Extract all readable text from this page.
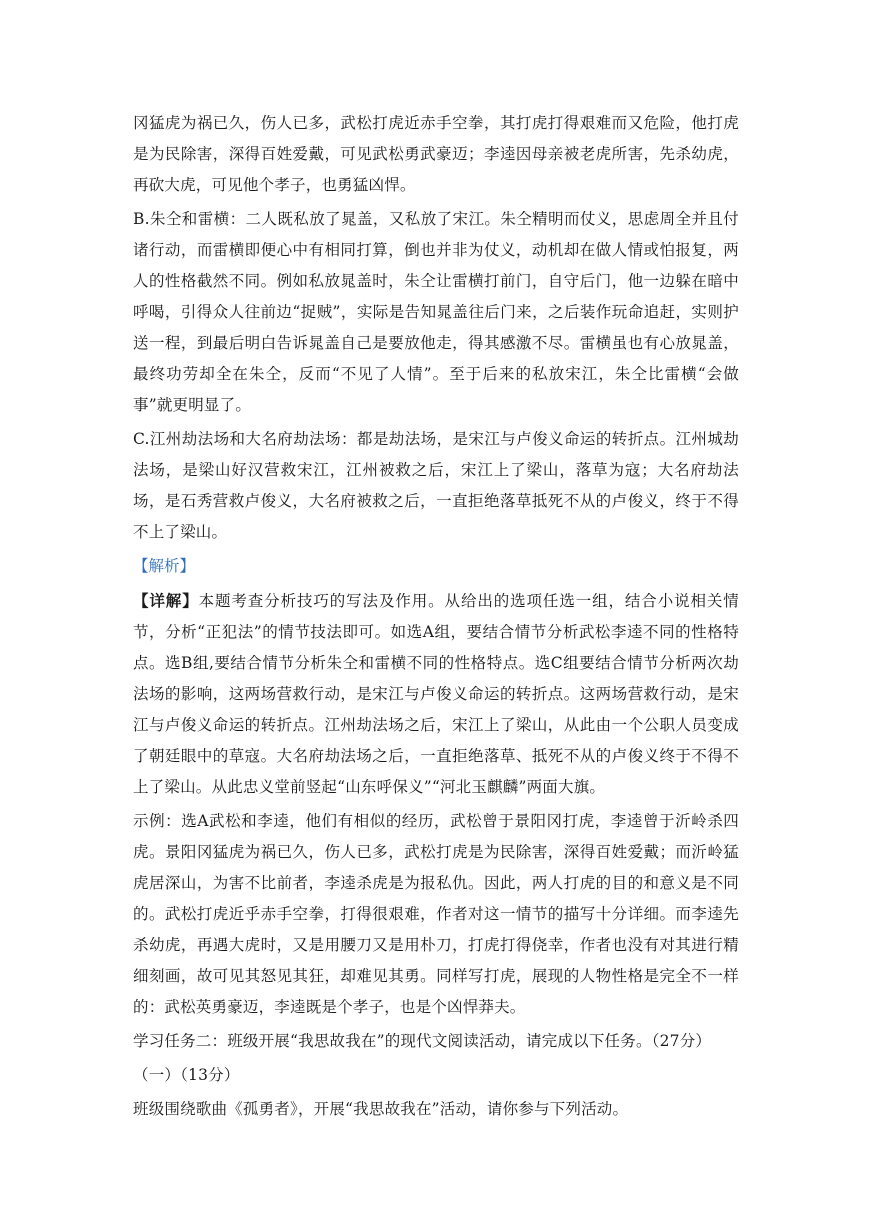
冈猛虎为祸已久，伤人已多，武松打虎近赤手空拳，其打虎打得艰难而又危险，他打虎是为民除害，深得百姓爱戴，可见武松勇武豪迈；李逵因母亲被老虎所害，先杀幼虎，再砍大虎，可见他个孝子，也勇猛凶悍。

B.朱仝和雷横：二人既私放了晁盖，又私放了宋江。朱仝精明而仗义，思虑周全并且付诸行动，而雷横即便心中有相同打算，倒也并非为仗义，动机却在做人情或怕报复，两人的性格截然不同。例如私放晁盖时，朱仝让雷横打前门，自守后门，他一边躲在暗中呼喝，引得众人往前边“捉贼”，实际是告知晁盖往后门来，之后装作玩命追赶，实则护送一程，到最后明白告诉晁盖自己是要放他走，得其感激不尽。雷横虽也有心放晁盖，最终功劳却全在朱仝，反而“不见了人情”。至于后来的私放宋江，朱仝比雷横“会做事”就更明显了。

C.江州劫法场和大名府劫法场：都是劫法场，是宋江与卢俊义命运的转折点。江州城劫法场，是梁山好汉营救宋江，江州被救之后，宋江上了梁山，落草为寇；大名府劫法场，是石秀营救卢俊义，大名府被救之后，一直拒绝落草抵死不从的卢俊义，终于不得不上了梁山。

【解析】

【详解】本题考查分析技巧的写法及作用。从给出的选项任选一组，结合小说相关情节，分析“正犯法”的情节技法即可。如选A组，要结合情节分析武松李逵不同的性格特点。选B组,要结合情节分析朱仝和雷横不同的性格特点。选C组要结合情节分析两次劫法场的影响，这两场营救行动，是宋江与卢俊义命运的转折点。这两场营救行动，是宋江与卢俊义命运的转折点。江州劫法场之后，宋江上了梁山，从此由一个公职人员变成了朝廷眼中的草寇。大名府劫法场之后，一直拒绝落草、抵死不从的卢俊义终于不得不上了梁山。从此忠义堂前竖起“山东呼保义”“河北玉麒麟”两面大旗。

示例：选A武松和李逵，他们有相似的经历，武松曾于景阳冈打虎，李逵曾于沂岭杀四虎。景阳冈猛虎为祸已久，伤人已多，武松打虎是为民除害，深得百姓爱戴；而沂岭猛虎居深山，为害不比前者，李逵杀虎是为报私仇。因此，两人打虎的目的和意义是不同的。武松打虎近乎赤手空拳，打得很艰难，作者对这一情节的描写十分详细。而李逵先杀幼虎，再遇大虎时，又是用腰刀又是用朴刀，打虎打得侥幸，作者也没有对其进行精细刻画，故可见其怒见其狂，却难见其勇。同样写打虎，展现的人物性格是完全不一样的：武松英勇豪迈，李逵既是个孝子，也是个凶悍莽夫。

学习任务二：班级开展“我思故我在”的现代文阅读活动，请完成以下任务。（27分）

（一）（13分）

班级围绕歌曲《孤勇者》，开展“我思故我在”活动，请你参与下列活动。
